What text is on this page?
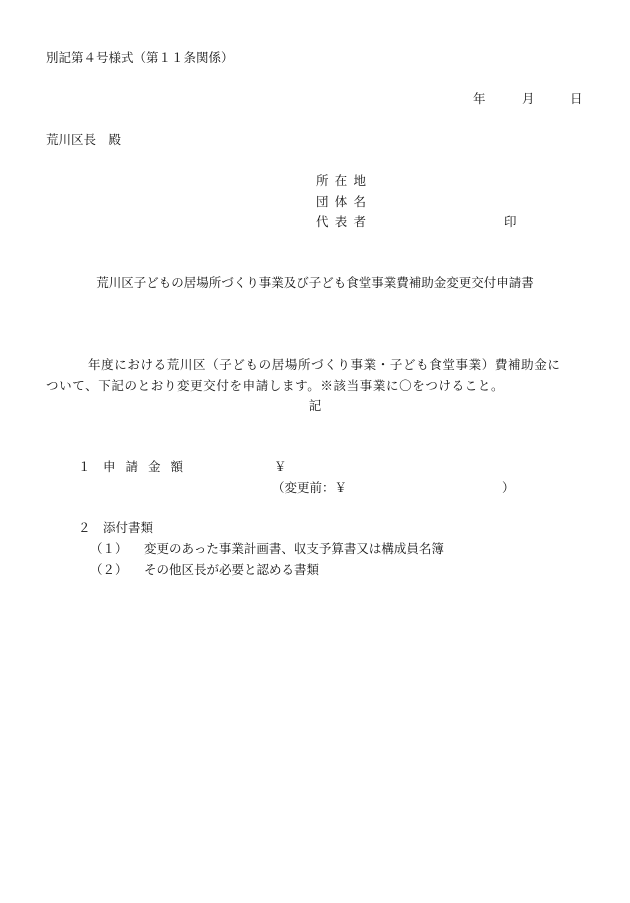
別記第４号様式（第１１条関係）
年	月	日
荒川区長　殿
所在地
団体名
代表者	印
荒川区子どもの居場所づくり事業及び子ども食堂事業費補助金変更交付申請書
年度における荒川区（子どもの居場所づくり事業・子ども食堂事業）費補助金に
ついて、下記のとおり変更交付を申請します。※該当事業に〇をつけること。
記
１ 申請金額	￥
（変更前：￥	）
２ 添付書類
（１） 変更のあった事業計画書、収支予算書又は構成員名簿
（２） その他区長が必要と認める書類
